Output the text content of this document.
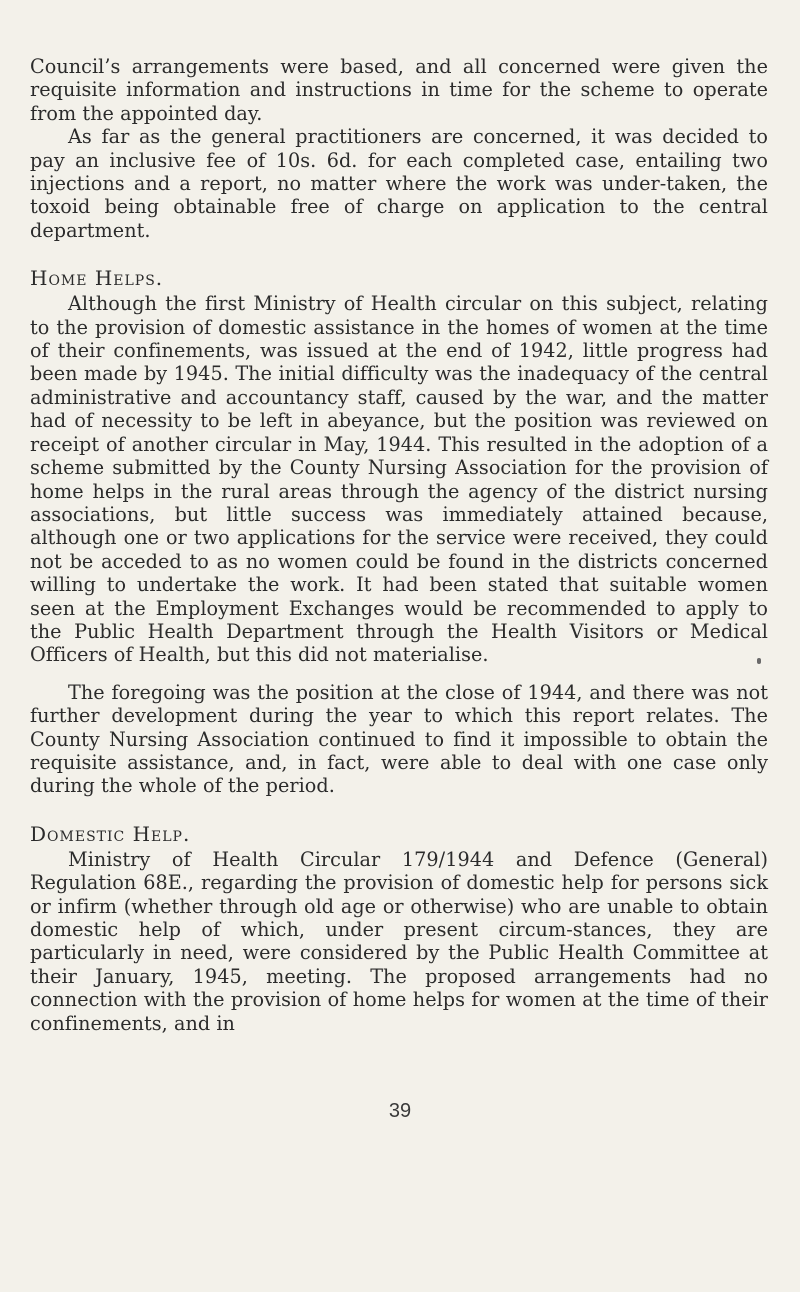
Council’s arrangements were based, and all concerned were given the requisite information and instructions in time for the scheme to operate from the appointed day.

As far as the general practitioners are concerned, it was decided to pay an inclusive fee of 10s. 6d. for each completed case, entailing two injections and a report, no matter where the work was under-taken, the toxoid being obtainable free of charge on application to the central department.

Home Helps.

Although the first Ministry of Health circular on this subject, relating to the provision of domestic assistance in the homes of women at the time of their confinements, was issued at the end of 1942, little progress had been made by 1945. The initial difficulty was the inadequacy of the central administrative and accountancy staff, caused by the war, and the matter had of necessity to be left in abeyance, but the position was reviewed on receipt of another circular in May, 1944. This resulted in the adoption of a scheme submitted by the County Nursing Association for the provision of home helps in the rural areas through the agency of the district nursing associations, but little success was immediately attained because, although one or two applications for the service were received, they could not be acceded to as no women could be found in the districts concerned willing to undertake the work. It had been stated that suitable women seen at the Employment Exchanges would be recommended to apply to the Public Health Department through the Health Visitors or Medical Officers of Health, but this did not materialise.

The foregoing was the position at the close of 1944, and there was not further development during the year to which this report relates. The County Nursing Association continued to find it impossible to obtain the requisite assistance, and, in fact, were able to deal with one case only during the whole of the period.

Domestic Help.

Ministry of Health Circular 179/1944 and Defence (General) Regulation 68E., regarding the provision of domestic help for persons sick or infirm (whether through old age or otherwise) who are unable to obtain domestic help of which, under present circum-stances, they are particularly in need, were considered by the Public Health Committee at their January, 1945, meeting. The proposed arrangements had no connection with the provision of home helps for women at the time of their confinements, and in

39
